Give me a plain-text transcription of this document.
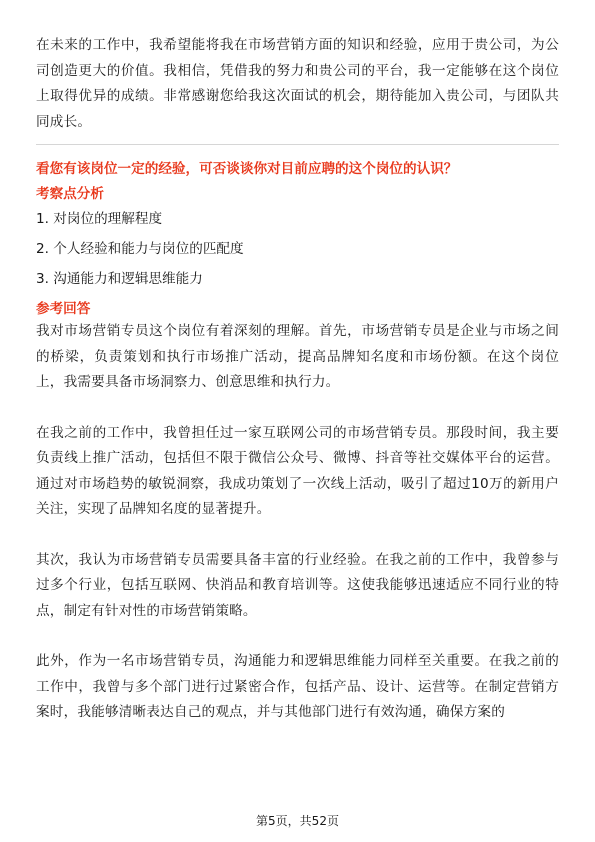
在未来的工作中，我希望能将我在市场营销方面的知识和经验，应用于贵公司，为公司创造更大的价值。我相信，凭借我的努力和贵公司的平台，我一定能够在这个岗位上取得优异的成绩。非常感谢您给我这次面试的机会，期待能加入贵公司，与团队共同成长。

看您有该岗位一定的经验，可否谈谈你对目前应聘的这个岗位的认识？

考察点分析

1. 对岗位的理解程度
2. 个人经验和能力与岗位的匹配度
3. 沟通能力和逻辑思维能力

参考回答

我对市场营销专员这个岗位有着深刻的理解。首先，市场营销专员是企业与市场之间的桥梁，负责策划和执行市场推广活动，提高品牌知名度和市场份额。在这个岗位上，我需要具备市场洞察力、创意思维和执行力。

在我之前的工作中，我曾担任过一家互联网公司的市场营销专员。那段时间，我主要负责线上推广活动，包括但不限于微信公众号、微博、抖音等社交媒体平台的运营。通过对市场趋势的敏锐洞察，我成功策划了一次线上活动，吸引了超过10万的新用户关注，实现了品牌知名度的显著提升。

其次，我认为市场营销专员需要具备丰富的行业经验。在我之前的工作中，我曾参与过多个行业，包括互联网、快消品和教育培训等。这使我能够迅速适应不同行业的特点，制定有针对性的市场营销策略。

此外，作为一名市场营销专员，沟通能力和逻辑思维能力同样至关重要。在我之前的工作中，我曾与多个部门进行过紧密合作，包括产品、设计、运营等。在制定营销方案时，我能够清晰表达自己的观点，并与其他部门进行有效沟通，确保方案的

第5页，共52页
